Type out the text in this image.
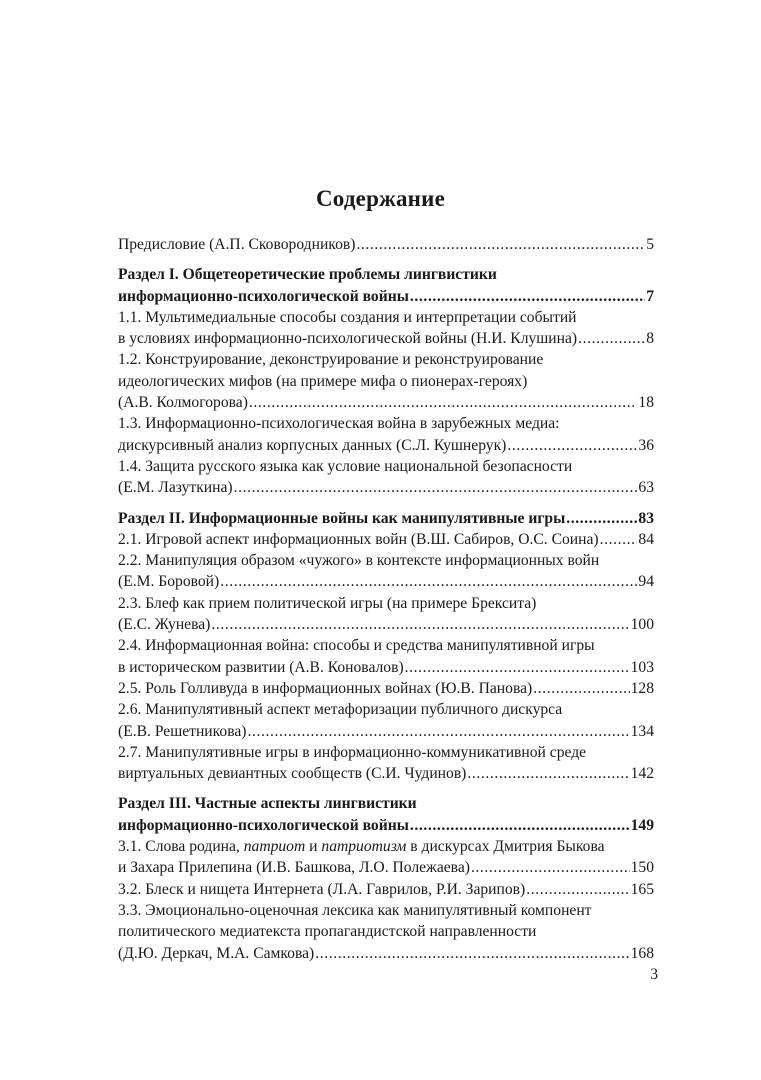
Содержание
Предисловие (А.П. Сковородников) .....	5
Раздел I. Общетеоретические проблемы лингвистики
информационно-психологической войны .....	7
1.1. Мультимедиальные способы создания и интерпретации событий
в условиях информационно-психологической войны (Н.И. Клушина) .....	8
1.2. Конструирование, деконструирование и реконструирование
идеологических мифов (на примере мифа о пионерах-героях)
(А.В. Колмогорова) .....	18
1.3. Информационно-психологическая война в зарубежных медиа:
дискурсивный анализ корпусных данных (С.Л. Кушнерук) .....	36
1.4. Защита русского языка как условие национальной безопасности
(Е.М. Лазуткина) .....	63
Раздел II. Информационные войны как манипулятивные игры .....	83
2.1. Игровой аспект информационных войн (В.Ш. Сабиров, О.С. Соина) .....	84
2.2. Манипуляция образом «чужого» в контексте информационных войн
(Е.М. Боровой) .....	94
2.3. Блеф как прием политической игры (на примере Брексита)
(Е.С. Жунева) .....	100
2.4. Информационная война: способы и средства манипулятивной игры
в историческом развитии (А.В. Коновалов) .....	103
2.5. Роль Голливуда в информационных войнах (Ю.В. Панова) .....	128
2.6. Манипулятивный аспект метафоризации публичного дискурса
(Е.В. Решетникова) .....	134
2.7. Манипулятивные игры в информационно-коммуникативной среде
виртуальных девиантных сообществ (С.И. Чудинов) .....	142
Раздел III. Частные аспекты лингвистики
информационно-психологической войны .....	149
3.1. Слова родина, патриот и патриотизм в дискурсах Дмитрия Быкова
и Захара Прилепина (И.В. Башкова, Л.О. Полежаева) .....	150
3.2. Блеск и нищета Интернета (Л.А. Гаврилов, Р.И. Зарипов) .....	165
3.3. Эмоционально-оценочная лексика как манипулятивный компонент
политического медиатекста пропагандистской направленности
(Д.Ю. Деркач, М.А. Самкова) .....	168
3
